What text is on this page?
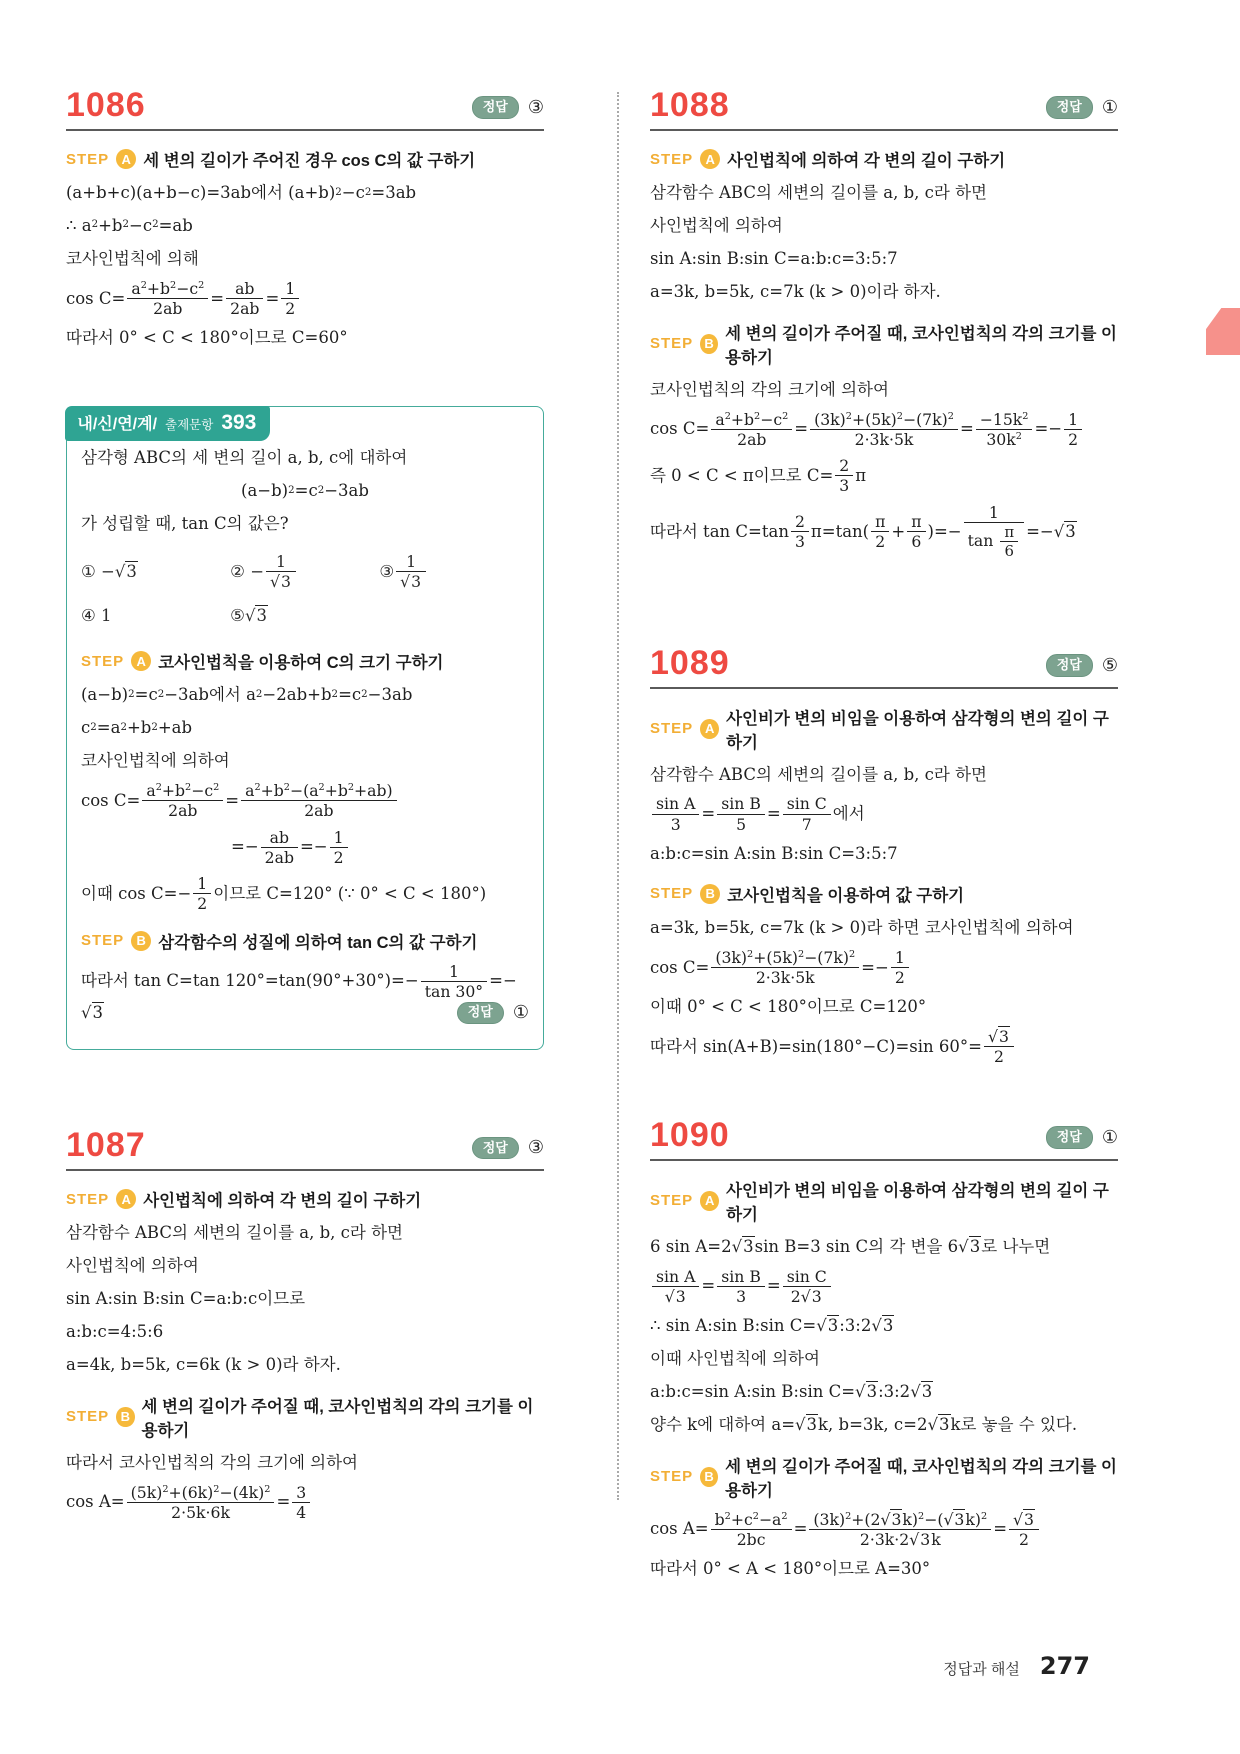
1086	정답	③
STEP A 세 변의 길이가 주어진 경우 cos C의 값 구하기
(a+b+c)(a+b−c)=3ab에서 (a+b) 2 −c 2 =3ab
∴ a 2 +b 2 −c 2 =ab
코사인법칙에 의해
$\cos C= \frac{a^2+b^2-c^2}{2ab} = \frac{ab}{2ab} = \frac{1}{2}$
따라서 0° < C < 180°이므로 C=60°
내/신/연/계/ 출제문항 393
삼각형 ABC의 세 변의 길이 a, b, c에 대하여
(a−b) 2 =c 2 −3ab
가 성립할 때, tan C의 값은?
① − √3	② − $\frac{1}{√3}$	③ $\frac{1}{√3}$
④ 1	⑤ √3
STEP A 코사인법칙을 이용하여 C의 크기 구하기
(a−b) 2 =c 2 −3ab에서 a 2 −2ab+b 2 =c 2 −3ab
c 2 =a 2 +b 2 +ab
코사인법칙에 의하여
$\cos C= \frac{a^2+b^2-c^2}{2ab} = \frac{a^2+b^2-(a^2+b^2+ab)}{2ab}$
=− $\frac{ab}{2ab} =- \frac{1}{2}$
이때 $\cos C=- \frac{1}{2}$ 이므로 C=120° (∵ 0° < C < 180°)
STEP B 삼각함수의 성질에 의하여 tan C의 값 구하기
따라서 tan C=tan $120^\circ=\tan(90^\circ+30^\circ)=- \frac{1}{\tan 30^\circ}$ =−
√3	정답	①
1087	정답	③
STEP A 사인법칙에 의하여 각 변의 길이 구하기
삼각함수 ABC의 세변의 길이를 a, b, c라 하면
사인법칙에 의하여
sin A:sin B:sin C=a:b:c이므로
a:b:c=4:5:6
a=4k, b=5k, c=6k (k > 0)라 하자.
STEP B
세 변의 길이가 주어질 때, 코사인법칙의 각의 크기를 이용하기
따라서 코사인법칙의 각의 크기에 의하여
$\cos A= \frac{(5k)^2+(6k)^2-(4k)^2}{2\cdot 5k\cdot 6k} = \frac{3}{4}$
1088	정답	①
STEP A 사인법칙에 의하여 각 변의 길이 구하기
삼각함수 ABC의 세변의 길이를 a, b, c라 하면
사인법칙에 의하여
sin A:sin B:sin C=a:b:c=3:5:7
a=3k, b=5k, c=7k (k > 0)이라 하자.
STEP B
세 변의 길이가 주어질 때, 코사인법칙의 각의 크기를 이용하기
코사인법칙의 각의 크기에 의하여
$\cos C= \frac{a^2+b^2-c^2}{2ab} = \frac{(3k)^2+(5k)^2-(7k)^2}{2\cdot 3k\cdot 5k} = \frac{-15k^2}{30k^2} =- \frac{1}{2}$
즉 0 < C < π이므로 $C= \frac{2}{3}$ π
따라서 $\tan C=\tan \frac{2}{3} \pi=\tan( \frac{\pi}{2} + \frac{\pi}{6}$ )=− $\frac{1}{\tan \frac{\pi}{6}} =- √3$
1089	정답	⑤
STEP A
사인비가 변의 비임을 이용하여 삼각형의 변의 길이 구하기
삼각함수 ABC의 세변의 길이를 a, b, c라 하면
$\frac{\text{sin A}}{3} = \frac{\text{sin B}}{5} = \frac{\text{sin C}}{7}$ 에서
a:b:c=sin A:sin B:sin C=3:5:7
STEP B 코사인법칙을 이용하여 값 구하기
a=3k, b=5k, c=7k (k > 0)라 하면 코사인법칙에 의하여
$\cos C= \frac{(3k)^2+(5k)^2-(7k)^2}{2\cdot 3k\cdot 5k} =- \frac{1}{2}$
이때 0° < C < 180°이므로 C=120°
따라서 sin(A+B)=sin(180°−C)=sin $60^\circ= \frac{√3}{2}$
1090	정답	①
STEP A
사인비가 변의 비임을 이용하여 삼각형의 변의 길이 구하기
6 sin A=2 √3 sin B=3 sin C의 각 변을 6 √3 로 나누면
$\frac{\text{sin A}}{√3} = \frac{\text{sin B}}{3} = \frac{\text{sin C}}{2√3}$
∴ sin A:sin B:sin C= √3 :3:2 √3
이때 사인법칙에 의하여
a:b:c=sin A:sin B:sin C= √3 :3:2 √3
양수 k에 대하여 a= √3 k, b=3k, c=2 √3 k로 놓을 수 있다.
STEP B
세 변의 길이가 주어질 때, 코사인법칙의 각의 크기를 이용하기
$\cos A= \frac{b^2+c^2-a^2}{2bc} = \frac{(3k)^2+(2√3k)^2-(√3k)^2}{2\cdot 3k\cdot 2√3k} = \frac{√3}{2}$
따라서 0° < A < 180°이므로 A=30°
정답과 해설 277
